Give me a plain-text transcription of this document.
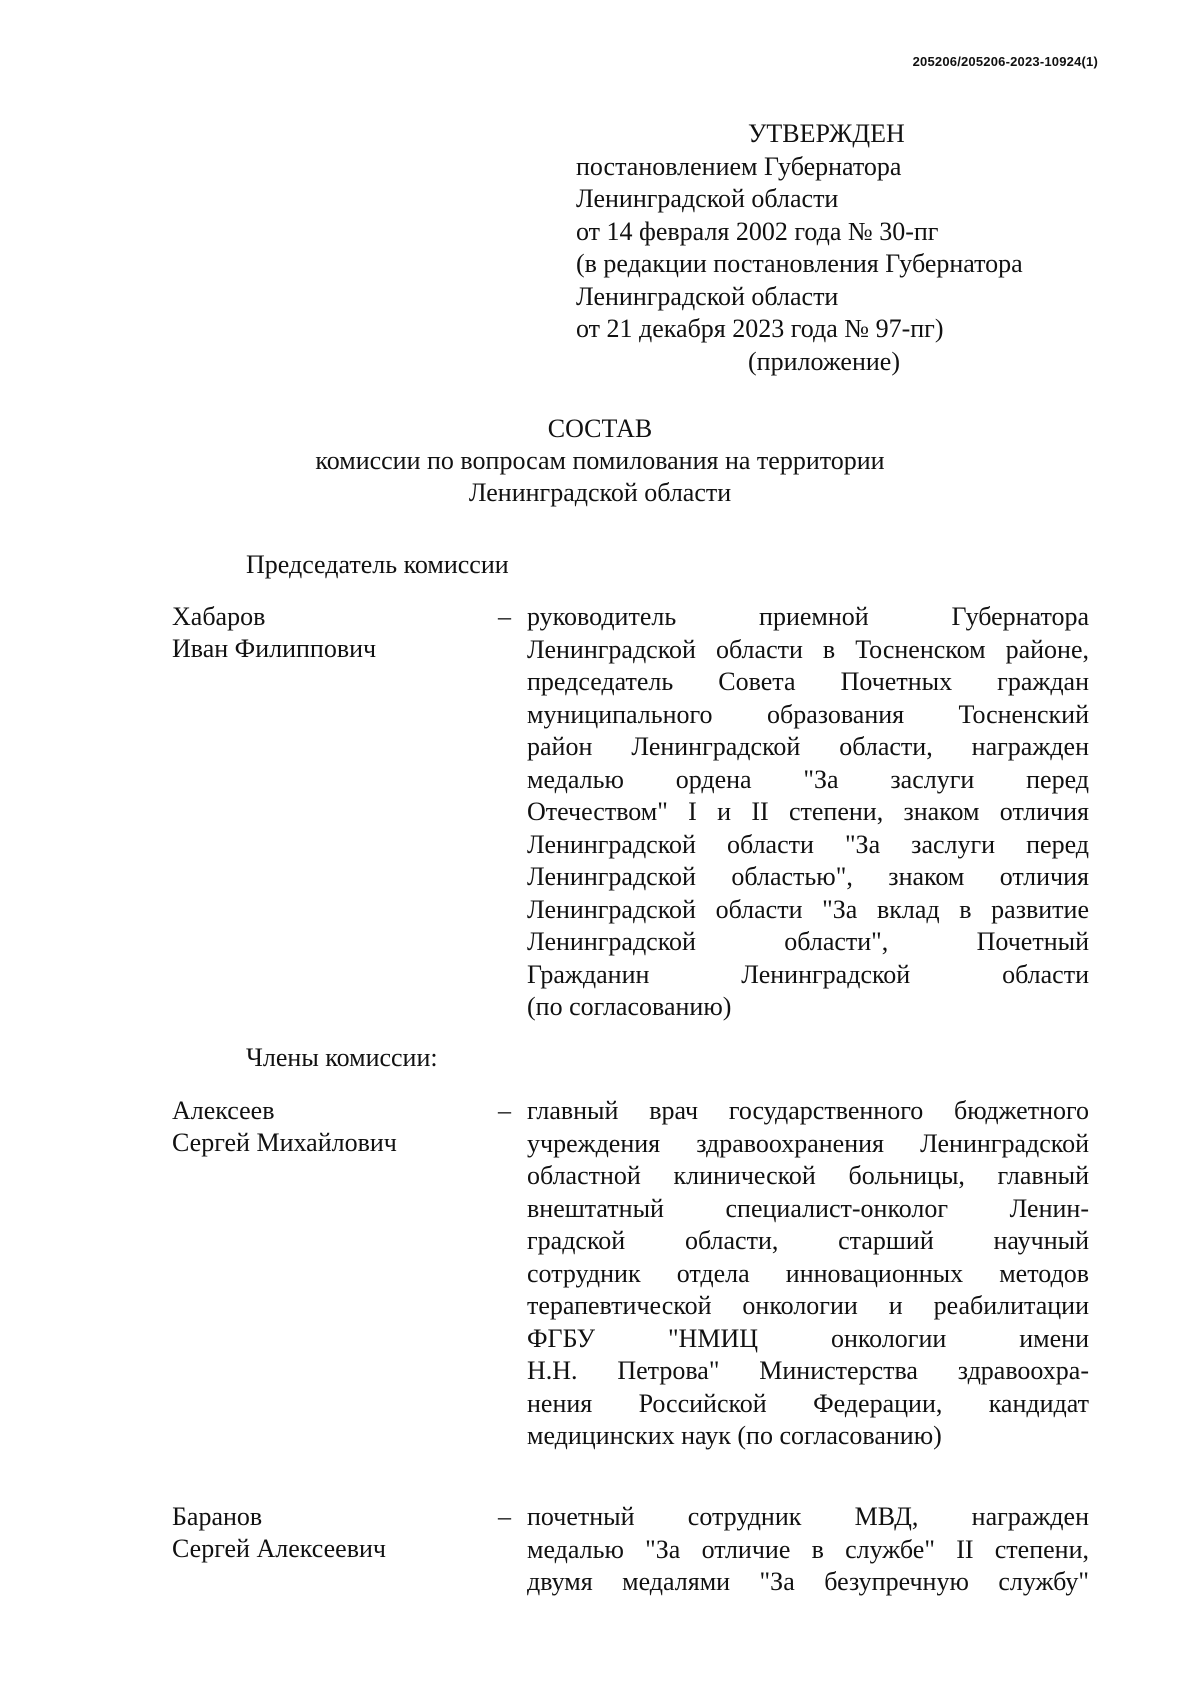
205206/205206-2023-10924(1)
УТВЕРЖДЕН
постановлением Губернатора
Ленинградской области
от 14 февраля 2002 года № 30-пг
(в редакции постановления Губернатора
Ленинградской области
от 21 декабря 2023 года № 97-пг)
(приложение)
СОСТАВ
комиссии по вопросам помилования на территории
Ленинградской области
Председатель комиссии
Хабаров
Иван Филиппович
– руководитель приемной Губернатора
Ленинградской области в Тосненском районе,
председатель Совета Почетных граждан
муниципального образования Тосненский
район Ленинградской области, награжден
медалью ордена "За заслуги перед
Отечеством" I и II степени, знаком отличия
Ленинградской области "За заслуги перед
Ленинградской областью", знаком отличия
Ленинградской области "За вклад в развитие
Ленинградской области", Почетный
Гражданин Ленинградской области
(по согласованию)
Члены комиссии:
Алексеев
Сергей Михайлович
– главный врач государственного бюджетного
учреждения здравоохранения Ленинградской
областной клинической больницы, главный
внештатный специалист-онколог Ленин-
градской области, старший научный
сотрудник отдела инновационных методов
терапевтической онкологии и реабилитации
ФГБУ "НМИЦ онкологии имени
Н.Н. Петрова" Министерства здравоохра-
нения Российской Федерации, кандидат
медицинских наук (по согласованию)
Баранов
Сергей Алексеевич
– почетный сотрудник МВД, награжден
медалью "За отличие в службе" II степени,
двумя медалями "За безупречную службу"
